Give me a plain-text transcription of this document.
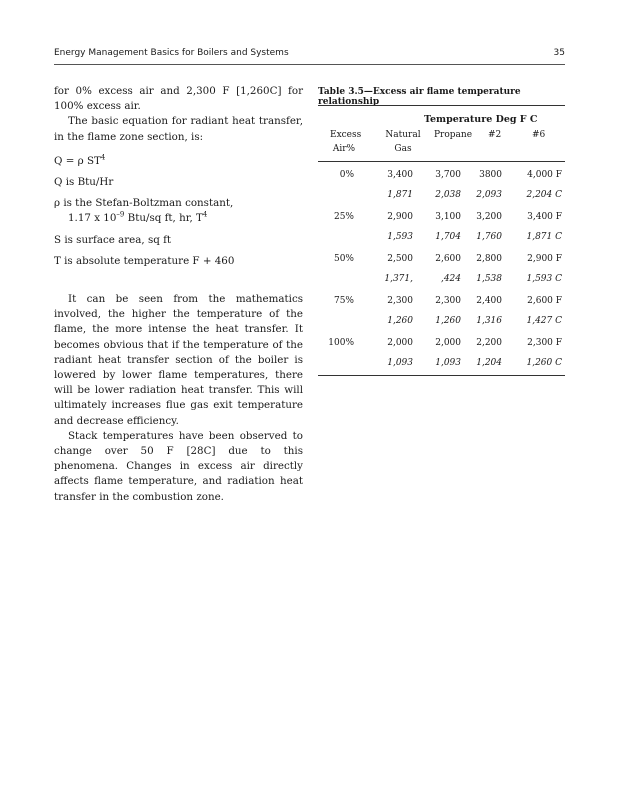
Energy Management Basics for Boilers and Systems	35

for 0% excess air and 2,300 F [1,260C] for 100% excess air.

The basic equation for radiant heat transfer, in the flame zone section, is:

Q = ρ $ST^4$

Q is Btu/Hr

ρ is the Stefan-Boltzman constant,

1.17 x $10^{-9}$ Btu/sq ft, hr, $T^4$

S is surface area, sq ft

T is absolute temperature F + 460

It can be seen from the mathematics involved, the higher the temperature of the flame, the more intense the heat transfer. It becomes obvious that if the temperature of the radiant heat transfer section of the boiler is lowered by lower flame temperatures, there will be lower radiation heat transfer. This will ultimately increases flue gas exit temperature and decrease efficiency.

Stack temperatures have been observed to change over 50 F [28C] due to this phenomena. Changes in excess air directly affects flame temperature, and radiation heat transfer in the combustion zone.

Table 3.5—Excess air flame temperature relationship
Temperature Deg F C
Excess
Air%
Natural
Gas
Propane #2	#6
0%	3,400 3,700 3800	4,000 F
1,871 2,038 2,093	2,204 C
25%	2,900 3,100 3,200	3,400 F
1,593 1,704 1,760	1,871 C
50%	2,500 2,600 2,800	2,900 F
1,371,	,424 1,538	1,593 C
75%	2,300 2,300 2,400	2,600 F
1,260 1,260 1,316	1,427 C
100%	2,000 2,000 2,200	2,300 F
1,093 1,093 1,204	1,260 C
